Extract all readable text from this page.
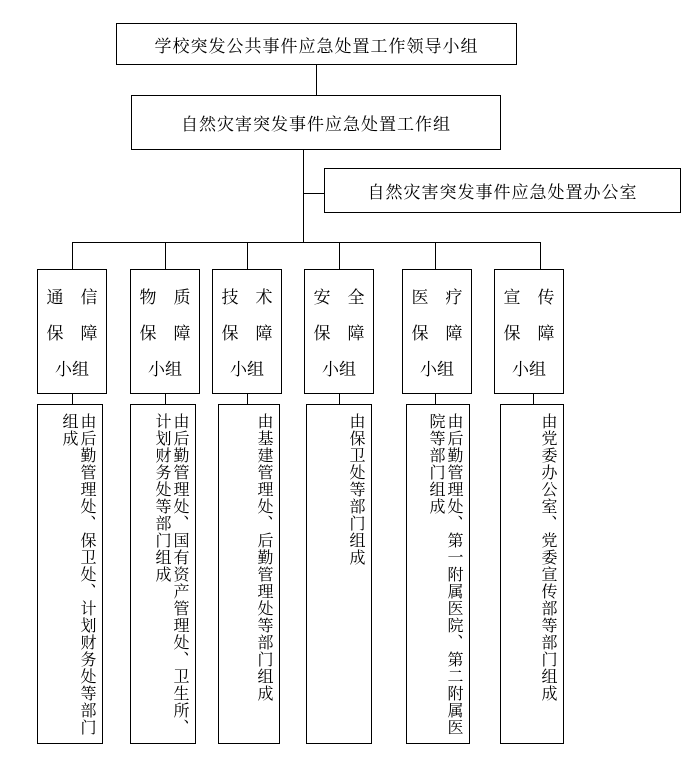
学校突发公共事件应急处置工作领导小组
自然灾害突发事件应急处置工作组
自然灾害突发事件应急处置办公室
通	信
保	障
小组
物	质
保	障
小组
技	术
保	障
小组
安	全
保	障
小组
医	疗
保	障
小组
宣	传
保	障
小组
由后勤管理处、保卫处、计划财务处等部门组成	由后勤管理处、国有资产管理处、卫生所、计划财务处等部门组成	由基建管理处、后勤管理处等部门组成	由保卫处等部门组成	由后勤管理处、第一附属医院、第二附属医院等部门组成	由党委办公室、党委宣传部等部门组成
